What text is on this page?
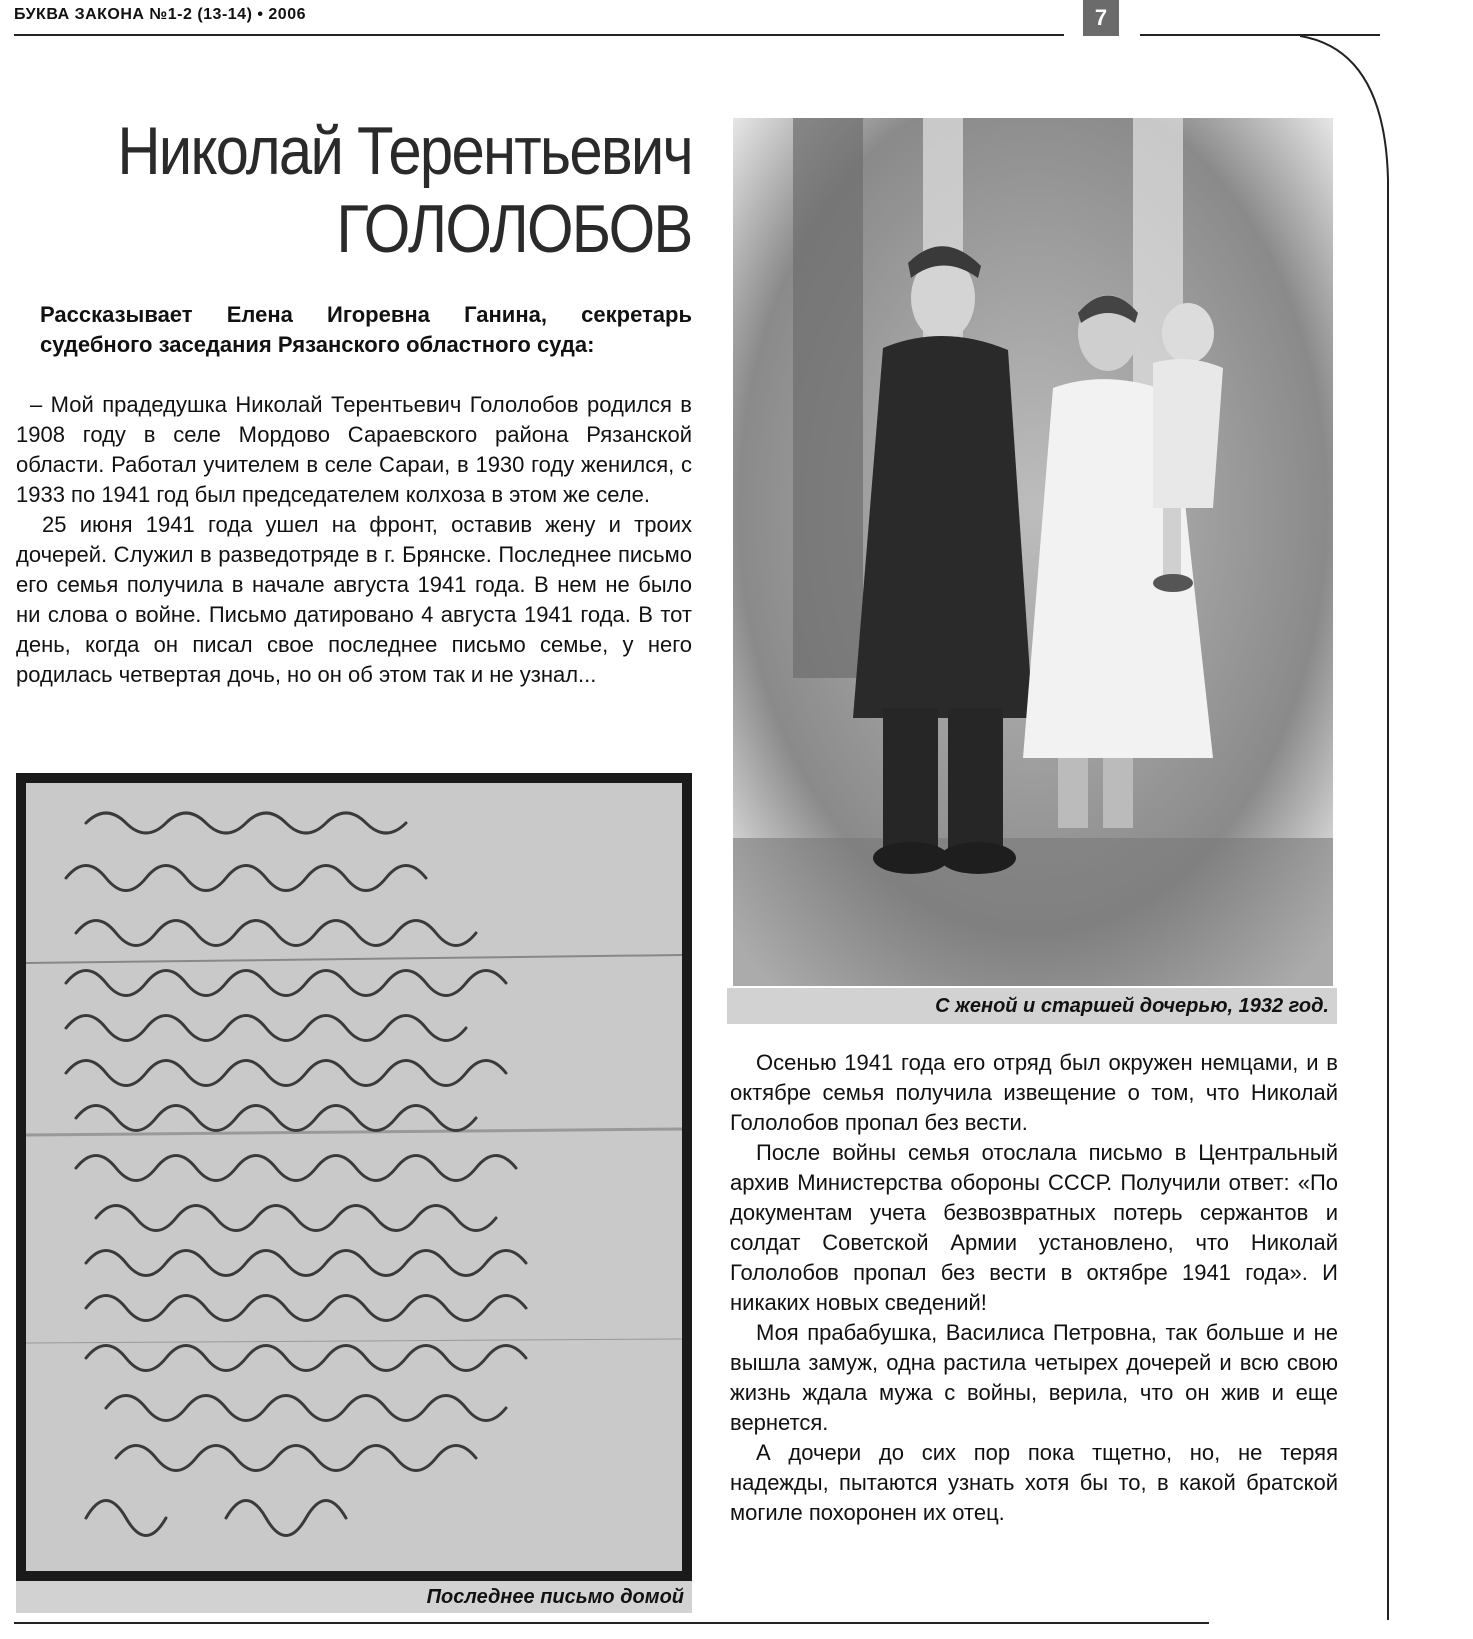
БУКВА ЗАКОНА №1-2 (13-14) • 2006	7
Николай Терентьевич
ГОЛОЛОБОВ
Рассказывает Елена Игоревна Ганина, секретарь судебного заседания Рязанского областного суда:

– Мой прадедушка Николай Терентьевич Гололобов родился в 1908 году в селе Мордово Сараевского района Рязанской области. Работал учителем в селе Сараи, в 1930 году женился, с 1933 по 1941 год был председателем колхоза в этом же селе.

25 июня 1941 года ушел на фронт, оставив жену и троих дочерей. Служил в разведотряде в г. Брянске. Последнее письмо его семья получила в начале августа 1941 года. В нем не было ни слова о войне. Письмо датировано 4 августа 1941 года. В тот день, когда он писал свое последнее письмо семье, у него родилась четвертая дочь, но он об этом так и не узнал...

С женой и старшей дочерью, 1932 год.
Последнее письмо домой

Осенью 1941 года его отряд был окружен немцами, и в октябре семья получила извещение о том, что Николай Гололобов пропал без вести.

После войны семья отослала письмо в Центральный архив Министерства обороны СССР. Получили ответ: «По документам учета безвозвратных потерь сержантов и солдат Советской Армии установлено, что Николай Гололобов пропал без вести в октябре 1941 года». И никаких новых сведений!

Моя прабабушка, Василиса Петровна, так больше и не вышла замуж, одна растила четырех дочерей и всю свою жизнь ждала мужа с войны, верила, что он жив и еще вернется.

А дочери до сих пор пока тщетно, но, не теряя надежды, пытаются узнать хотя бы то, в какой братской могиле похоронен их отец.
